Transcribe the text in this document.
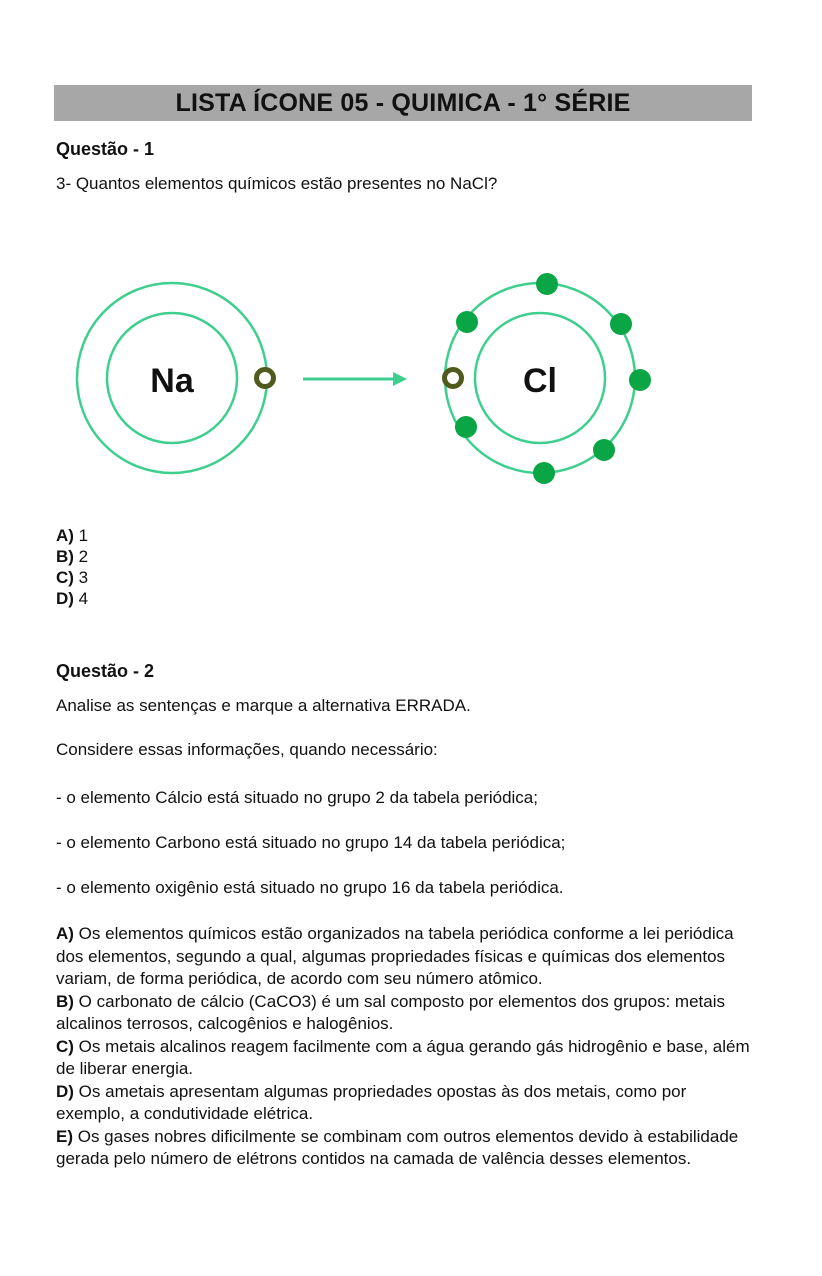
LISTA ÍCONE 05 - QUIMICA - 1° SÉRIE
Questão - 1
3- Quantos elementos químicos estão presentes no NaCl?
Na	Cl
A) 1
B) 2
C) 3
D) 4
Questão - 2
Analise as sentenças e marque a alternativa ERRADA.
Considere essas informações, quando necessário:
- o elemento Cálcio está situado no grupo 2 da tabela periódica;
- o elemento Carbono está situado no grupo 14 da tabela periódica;
- o elemento oxigênio está situado no grupo 16 da tabela periódica.

A) Os elementos químicos estão organizados na tabela periódica conforme a lei periódica dos elementos, segundo a qual, algumas propriedades físicas e químicas dos elementos variam, de forma periódica, de acordo com seu número atômico.

B) O carbonato de cálcio (CaCO3) é um sal composto por elementos dos grupos: metais alcalinos terrosos, calcogênios e halogênios.

C) Os metais alcalinos reagem facilmente com a água gerando gás hidrogênio e base, além de liberar energia.

D) Os ametais apresentam algumas propriedades opostas às dos metais, como por exemplo, a condutividade elétrica.

E) Os gases nobres dificilmente se combinam com outros elementos devido à estabilidade gerada pelo número de elétrons contidos na camada de valência desses elementos.
